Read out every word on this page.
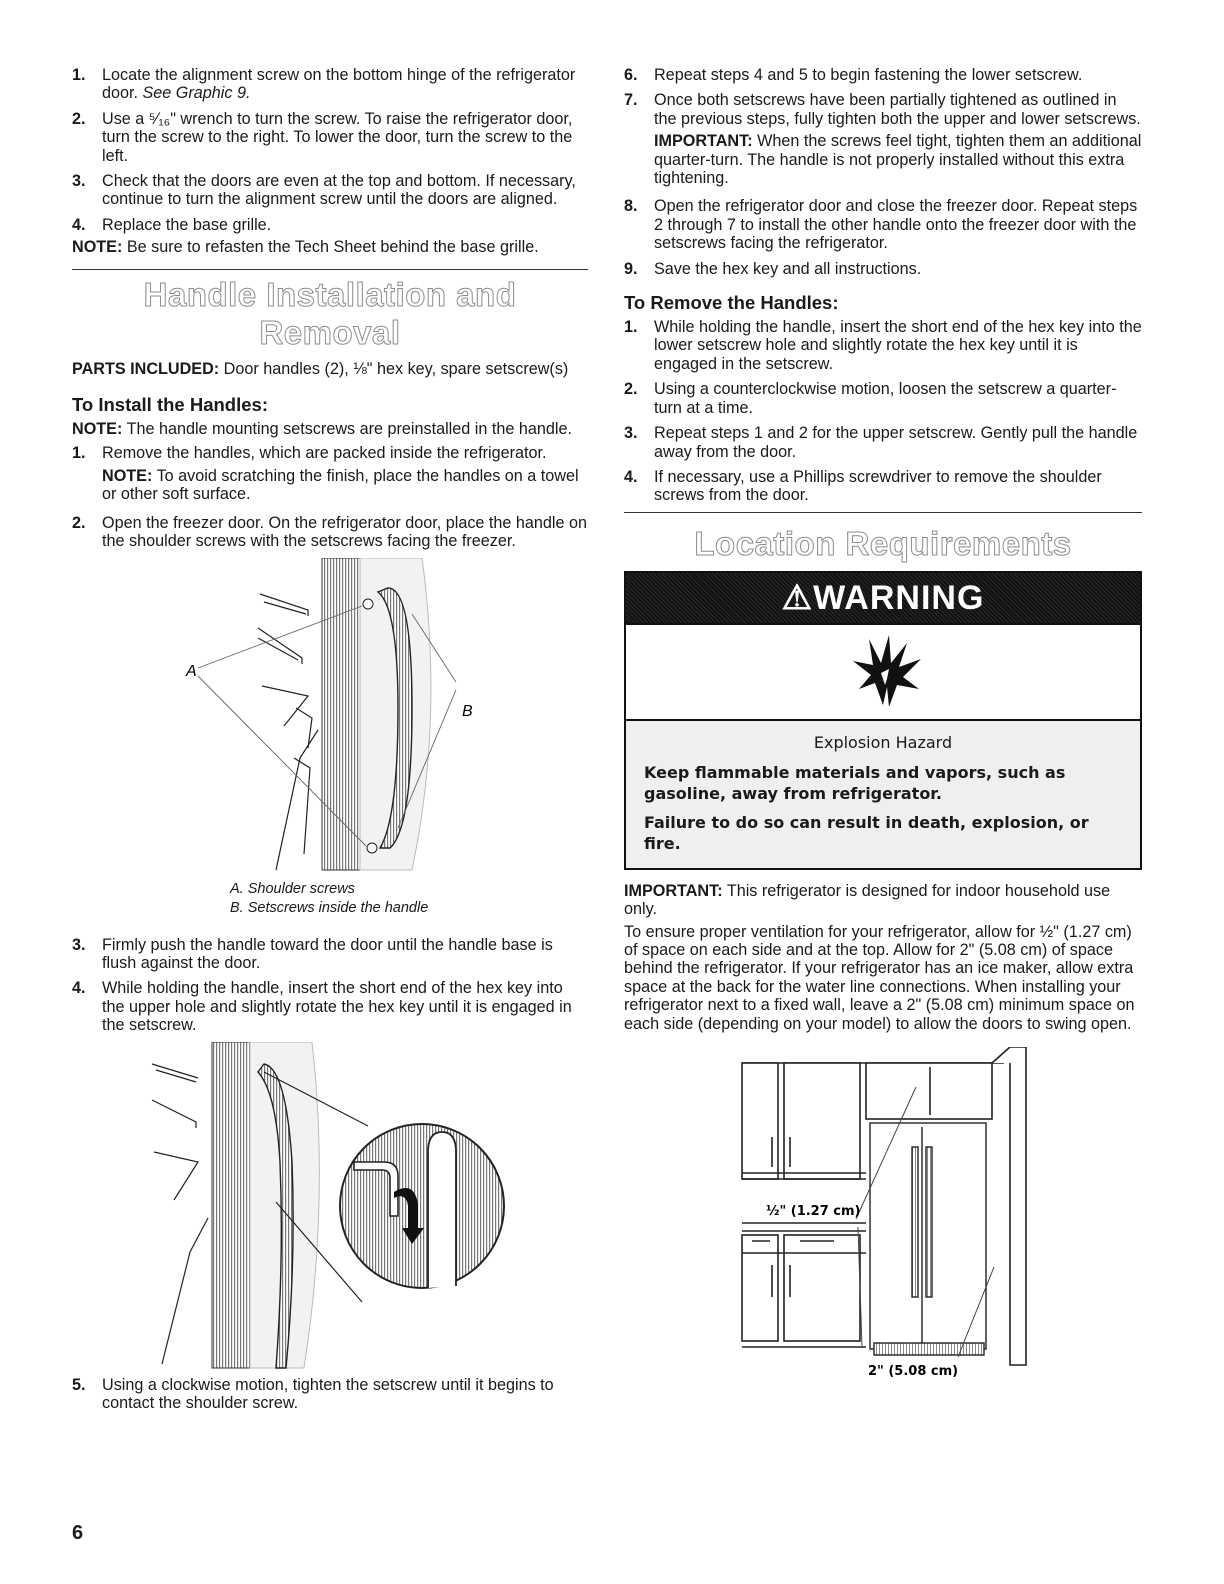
1. Locate the alignment screw on the bottom hinge of the refrigerator door. See Graphic 9.
2. Use a ⁵⁄₁₆" wrench to turn the screw. To raise the refrigerator door, turn the screw to the right. To lower the door, turn the screw to the left.
3. Check that the doors are even at the top and bottom. If necessary, continue to turn the alignment screw until the doors are aligned.
4. Replace the base grille.

NOTE: Be sure to refasten the Tech Sheet behind the base grille.

Handle Installation and Removal

PARTS INCLUDED: Door handles (2), ⅛" hex key, spare setscrew(s)

To Install the Handles:

NOTE: The handle mounting setscrews are preinstalled in the handle.

1. Remove the handles, which are packed inside the refrigerator.

NOTE: To avoid scratching the finish, place the handles on a towel or other soft surface.

2. Open the freezer door. On the refrigerator door, place the handle on the shoulder screws with the setscrews facing the freezer.
A
B
A. Shoulder screws
B. Setscrews inside the handle
3. Firmly push the handle toward the door until the handle base is flush against the door.
4. While holding the handle, insert the short end of the hex key into the upper hole and slightly rotate the hex key until it is engaged in the setscrew.
5. Using a clockwise motion, tighten the setscrew until it begins to contact the shoulder screw.
6. Repeat steps 4 and 5 to begin fastening the lower setscrew.
7. Once both setscrews have been partially tightened as outlined in the previous steps, fully tighten both the upper and lower setscrews.

IMPORTANT: When the screws feel tight, tighten them an additional quarter-turn. The handle is not properly installed without this extra tightening.

8. Open the refrigerator door and close the freezer door. Repeat steps 2 through 7 to install the other handle onto the freezer door with the setscrews facing the refrigerator.
9. Save the hex key and all instructions.
To Remove the Handles:
1. While holding the handle, insert the short end of the hex key into the lower setscrew hole and slightly rotate the hex key until it is engaged in the setscrew.
2. Using a counterclockwise motion, loosen the setscrew a quarter-turn at a time.
3. Repeat steps 1 and 2 for the upper setscrew. Gently pull the handle away from the door.
4. If necessary, use a Phillips screwdriver to remove the shoulder screws from the door.
Location Requirements
⚠WARNING

Explosion Hazard

Keep flammable materials and vapors, such as gasoline, away from refrigerator.

Failure to do so can result in death, explosion, or fire.

IMPORTANT: This refrigerator is designed for indoor household use only.

To ensure proper ventilation for your refrigerator, allow for ½" (1.27 cm) of space on each side and at the top. Allow for 2" (5.08 cm) of space behind the refrigerator. If your refrigerator has an ice maker, allow extra space at the back for the water line connections. When installing your refrigerator next to a fixed wall, leave a 2" (5.08 cm) minimum space on each side (depending on your model) to allow the doors to swing open.

½" (1.27 cm)
2" (5.08 cm)
6
